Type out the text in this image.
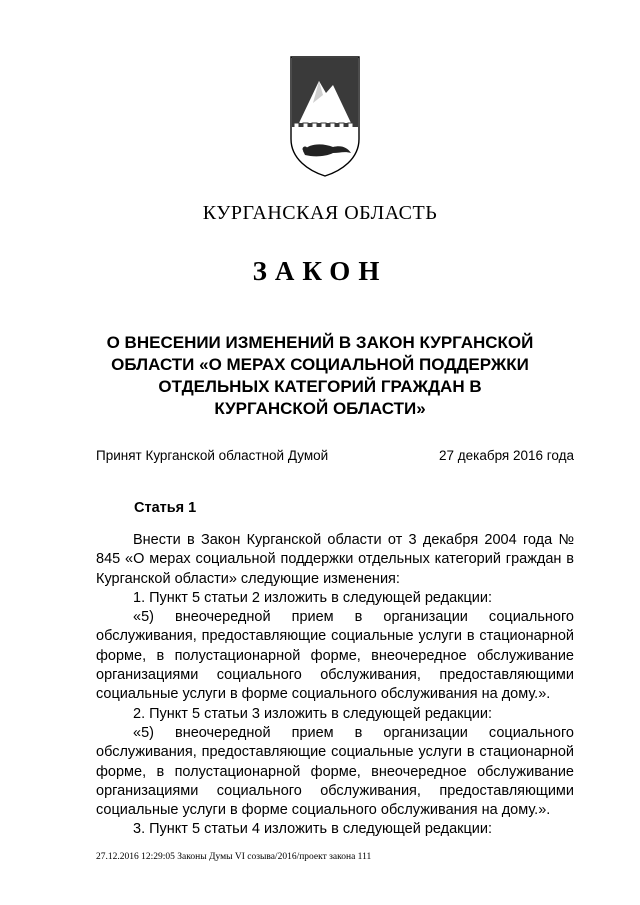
КУРГАНСКАЯ ОБЛАСТЬ
ЗАКОН
О ВНЕСЕНИИ ИЗМЕНЕНИЙ В ЗАКОН КУРГАНСКОЙ ОБЛАСТИ «О МЕРАХ СОЦИАЛЬНОЙ ПОДДЕРЖКИ ОТДЕЛЬНЫХ КАТЕГОРИЙ ГРАЖДАН В КУРГАНСКОЙ ОБЛАСТИ»
Принят Курганской областной Думой	27 декабря 2016 года
Статья 1

Внести в Закон Курганской области от 3 декабря 2004 года № 845 «О мерах социальной поддержки отдельных категорий граждан в Курганской области» следующие изменения:

1. Пункт 5 статьи 2 изложить в следующей редакции:

«5) внеочередной прием в организации социального обслуживания, предоставляющие социальные услуги в стационарной форме, в полустационарной форме, внеочередное обслуживание организациями социального обслуживания, предоставляющими социальные услуги в форме социального обслуживания на дому.».

2. Пункт 5 статьи 3 изложить в следующей редакции:

«5) внеочередной прием в организации социального обслуживания, предоставляющие социальные услуги в стационарной форме, в полустационарной форме, внеочередное обслуживание организациями социального обслуживания, предоставляющими социальные услуги в форме социального обслуживания на дому.».

3. Пункт 5 статьи 4 изложить в следующей редакции:

27.12.2016 12:29:05 Законы Думы VI созыва/2016/проект закона 111
